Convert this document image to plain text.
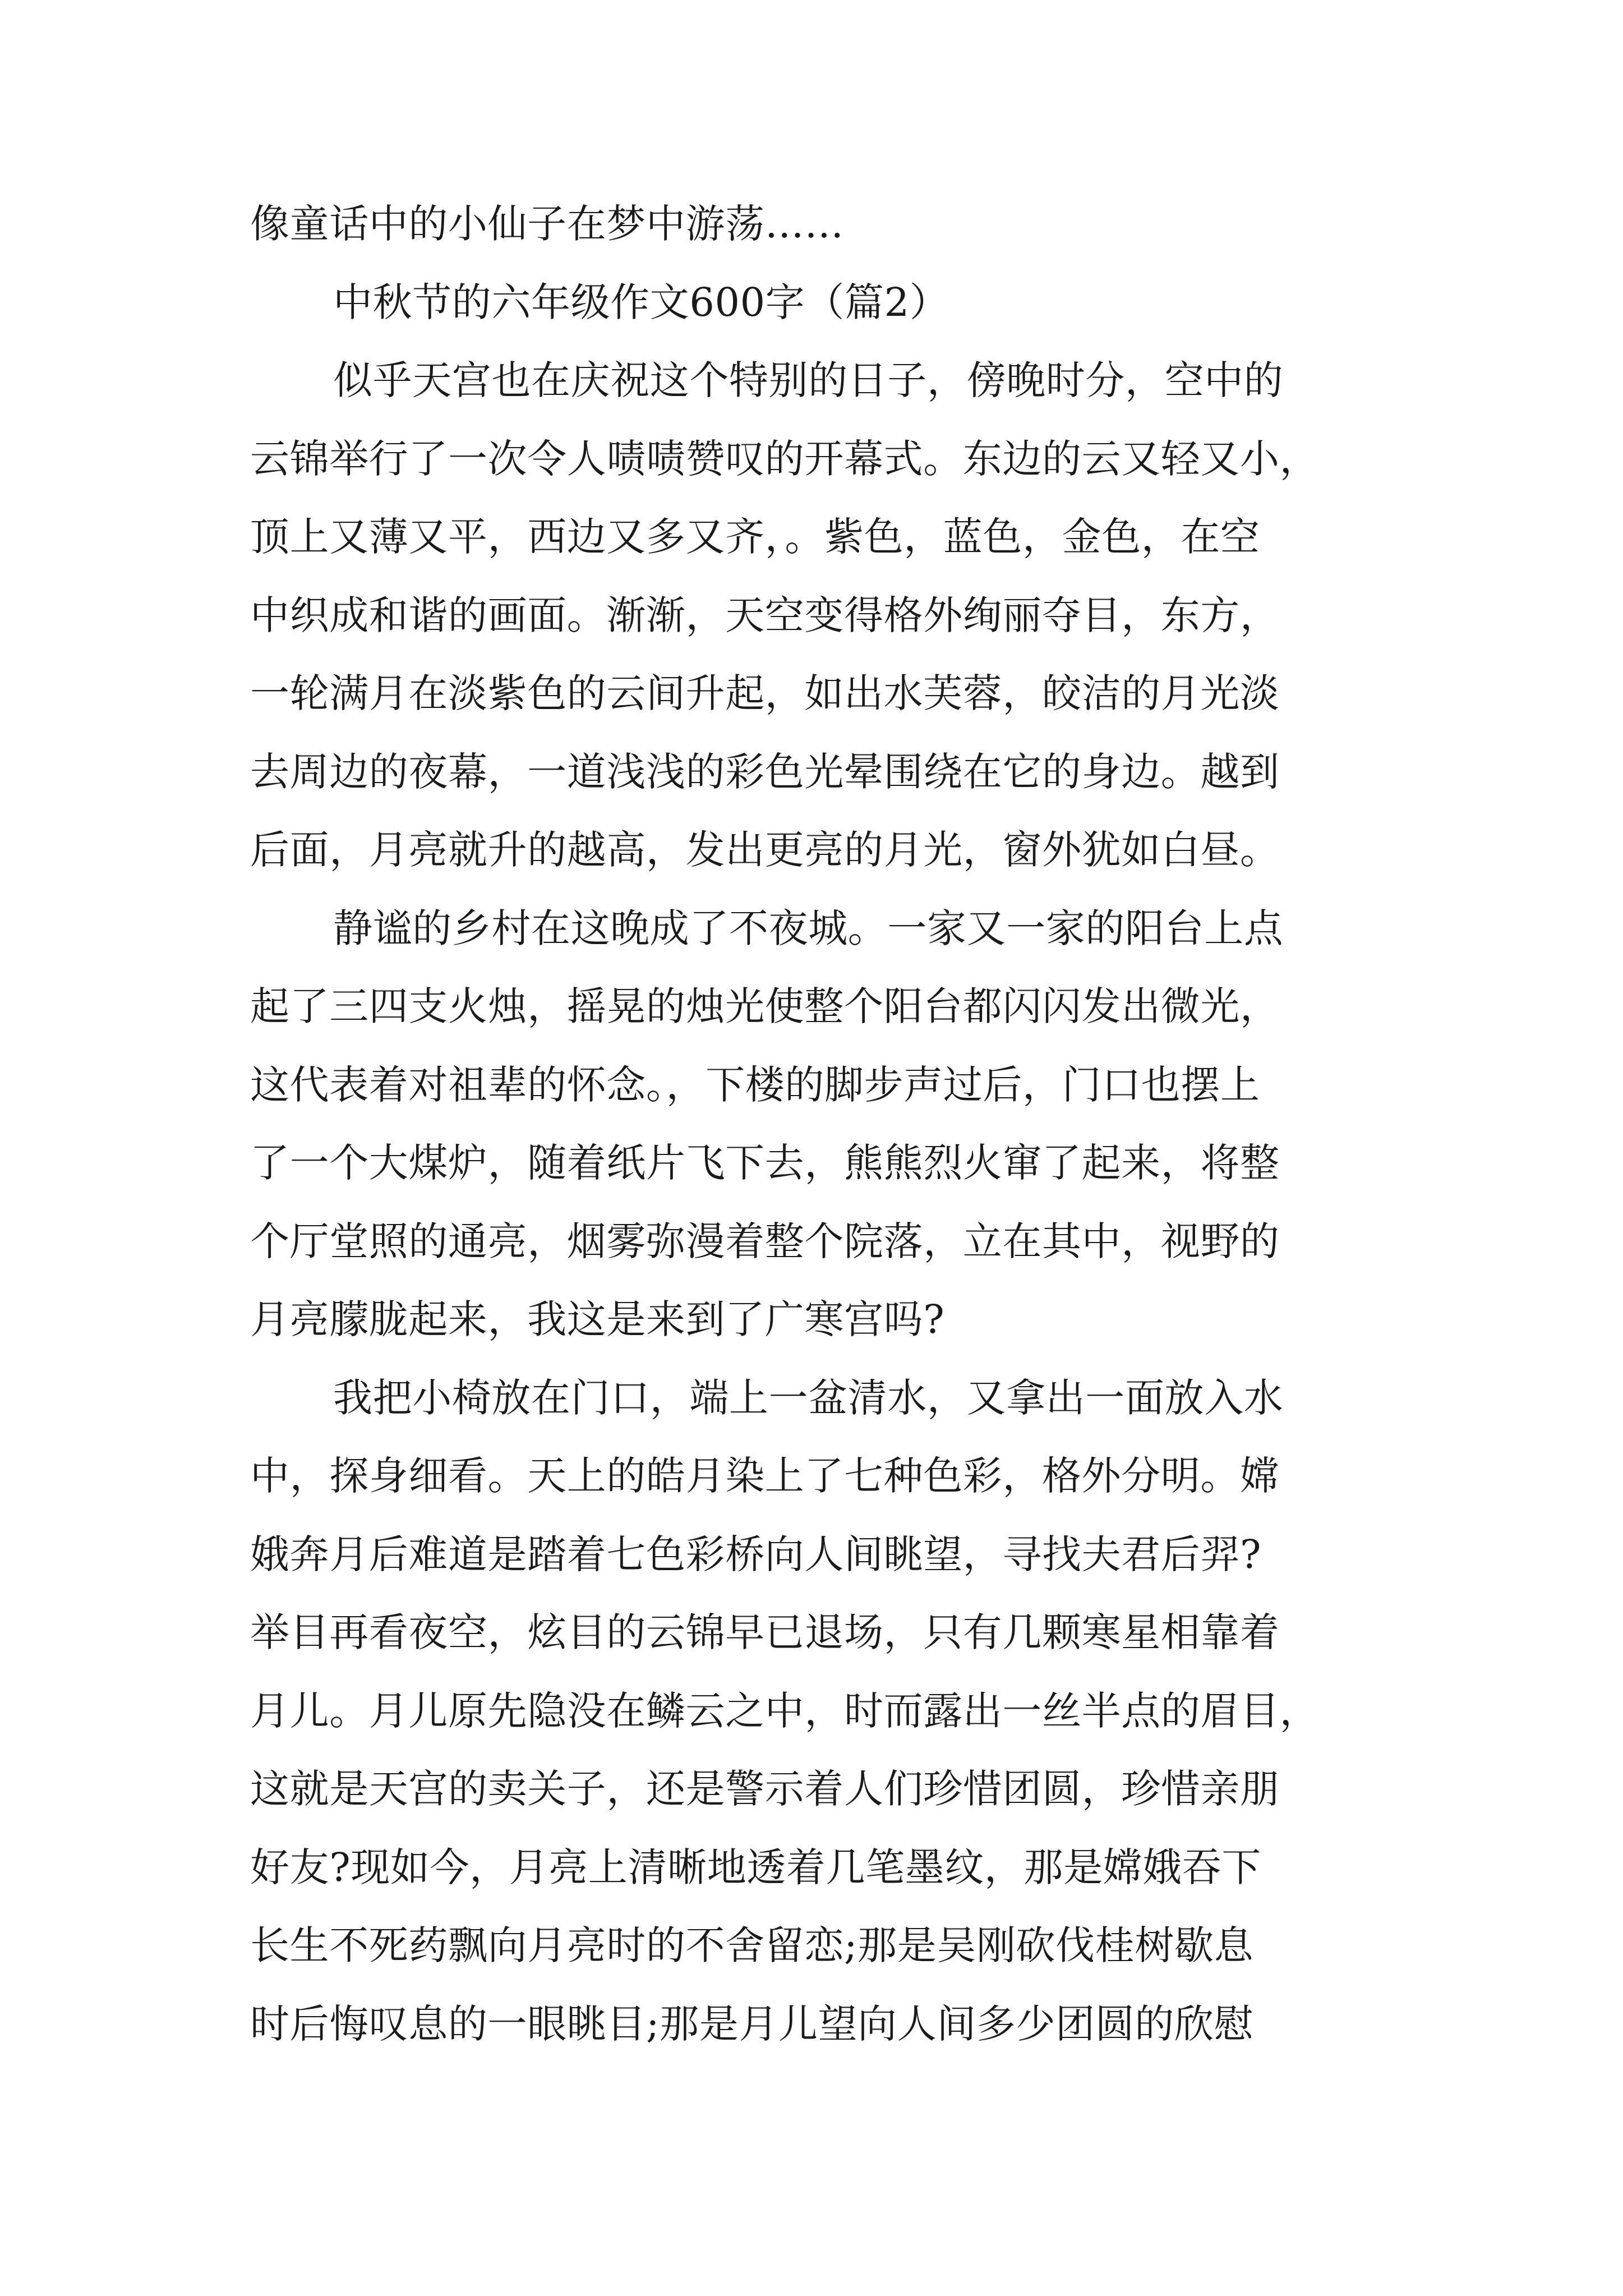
像童话中的小仙子在梦中游荡……
中秋节的六年级作文600字（篇2）
似乎天宫也在庆祝这个特别的日子，傍晚时分，空中的
云锦举行了一次令人啧啧赞叹的开幕式。东边的云又轻又小，
顶上又薄又平，西边又多又齐，。紫色，蓝色，金色，在空
中织成和谐的画面。渐渐，天空变得格外绚丽夺目，东方，
一轮满月在淡紫色的云间升起，如出水芙蓉，皎洁的月光淡
去周边的夜幕，一道浅浅的彩色光晕围绕在它的身边。越到
后面，月亮就升的越高，发出更亮的月光，窗外犹如白昼。
静谧的乡村在这晚成了不夜城。一家又一家的阳台上点
起了三四支火烛，摇晃的烛光使整个阳台都闪闪发出微光，
这代表着对祖辈的怀念。，下楼的脚步声过后，门口也摆上
了一个大煤炉，随着纸片飞下去，熊熊烈火窜了起来，将整
个厅堂照的通亮，烟雾弥漫着整个院落，立在其中，视野的
月亮朦胧起来，我这是来到了广寒宫吗?
我把小椅放在门口，端上一盆清水，又拿出一面放入水
中，探身细看。天上的皓月染上了七种色彩，格外分明。嫦
娥奔月后难道是踏着七色彩桥向人间眺望，寻找夫君后羿?
举目再看夜空，炫目的云锦早已退场，只有几颗寒星相靠着
月儿。月儿原先隐没在鳞云之中，时而露出一丝半点的眉目，
这就是天宫的卖关子，还是警示着人们珍惜团圆，珍惜亲朋
好友?现如今，月亮上清晰地透着几笔墨纹，那是嫦娥吞下
长生不死药飘向月亮时的不舍留恋;那是吴刚砍伐桂树歇息
时后悔叹息的一眼眺目;那是月儿望向人间多少团圆的欣慰
